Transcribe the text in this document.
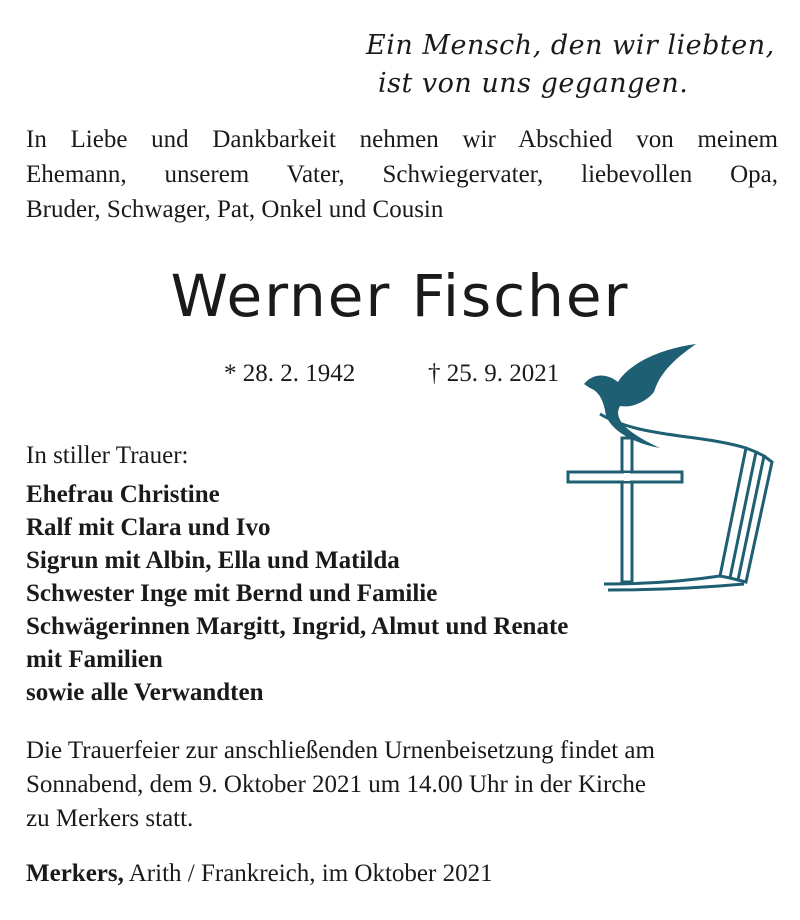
Ein Mensch, den wir liebten,
ist von uns gegangen.
In Liebe und Dankbarkeit nehmen wir Abschied von meinem
Ehemann, unserem Vater, Schwiegervater, liebevollen Opa,
Bruder, Schwager, Pat, Onkel und Cousin
Werner Fischer
* 28. 2. 1942	† 25. 9. 2021
In stiller Trauer:
Ehefrau Christine
Ralf mit Clara und Ivo
Sigrun mit Albin, Ella und Matilda
Schwester Inge mit Bernd und Familie
Schwägerinnen Margitt, Ingrid, Almut und Renate
mit Familien
sowie alle Verwandten
Die Trauerfeier zur anschließenden Urnenbeisetzung findet am
Sonnabend, dem 9. Oktober 2021 um 14.00 Uhr in der Kirche
zu Merkers statt.
Merkers, Arith / Frankreich, im Oktober 2021
